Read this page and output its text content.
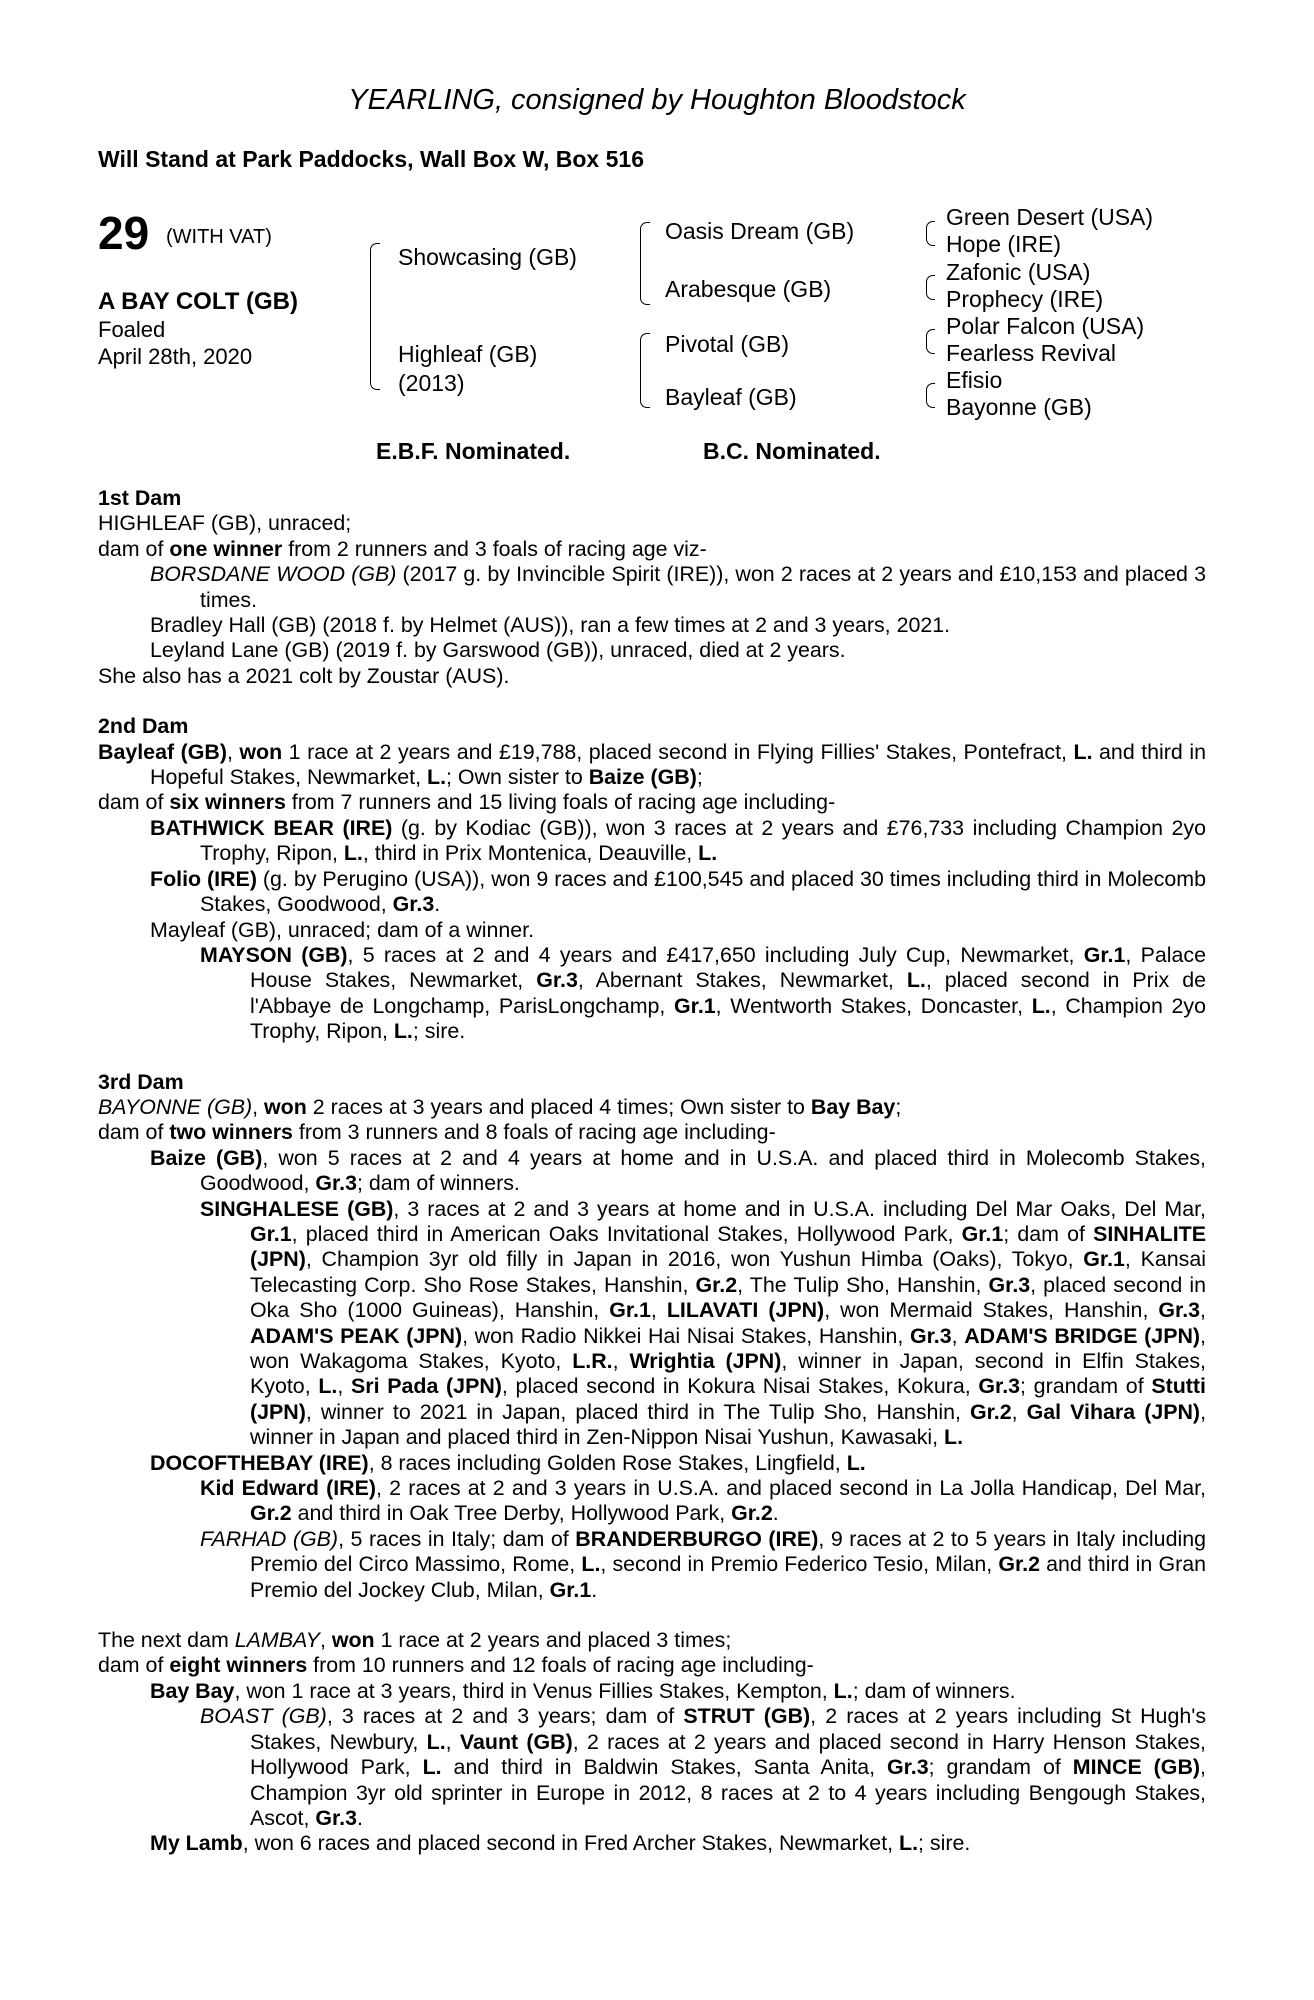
YEARLING, consigned by Houghton Bloodstock
Will Stand at Park Paddocks, Wall Box W, Box 516
29 (WITH VAT)
A BAY COLT (GB)
Foaled
April 28th, 2020
Showcasing (GB)
Highleaf (GB)
(2013)
Oasis Dream (GB)
Arabesque (GB)
Pivotal (GB)
Bayleaf (GB)
Green Desert (USA)
Hope (IRE)
Zafonic (USA)
Prophecy (IRE)
Polar Falcon (USA)
Fearless Revival
Efisio
Bayonne (GB)
E.B.F. Nominated.	B.C. Nominated.

1st Dam

HIGHLEAF (GB), unraced;

dam of one winner from 2 runners and 3 foals of racing age viz-

BORSDANE WOOD (GB) (2017 g. by Invincible Spirit (IRE)), won 2 races at 2 years and £10,153 and placed 3 times.

Bradley Hall (GB) (2018 f. by Helmet (AUS)), ran a few times at 2 and 3 years, 2021.

Leyland Lane (GB) (2019 f. by Garswood (GB)), unraced, died at 2 years.

She also has a 2021 colt by Zoustar (AUS).

2nd Dam

Bayleaf (GB), won 1 race at 2 years and £19,788, placed second in Flying Fillies' Stakes, Pontefract, L. and third in Hopeful Stakes, Newmarket, L.; Own sister to Baize (GB);

dam of six winners from 7 runners and 15 living foals of racing age including-

BATHWICK BEAR (IRE) (g. by Kodiac (GB)), won 3 races at 2 years and £76,733 including Champion 2yo Trophy, Ripon, L., third in Prix Montenica, Deauville, L.

Folio (IRE) (g. by Perugino (USA)), won 9 races and £100,545 and placed 30 times including third in Molecomb Stakes, Goodwood, Gr.3.

Mayleaf (GB), unraced; dam of a winner.

MAYSON (GB), 5 races at 2 and 4 years and £417,650 including July Cup, Newmarket, Gr.1, Palace House Stakes, Newmarket, Gr.3, Abernant Stakes, Newmarket, L., placed second in Prix de l'Abbaye de Longchamp, ParisLongchamp, Gr.1, Wentworth Stakes, Doncaster, L., Champion 2yo Trophy, Ripon, L.; sire.

3rd Dam

BAYONNE (GB), won 2 races at 3 years and placed 4 times; Own sister to Bay Bay;

dam of two winners from 3 runners and 8 foals of racing age including-

Baize (GB), won 5 races at 2 and 4 years at home and in U.S.A. and placed third in Molecomb Stakes, Goodwood, Gr.3; dam of winners.

SINGHALESE (GB), 3 races at 2 and 3 years at home and in U.S.A. including Del Mar Oaks, Del Mar, Gr.1, placed third in American Oaks Invitational Stakes, Hollywood Park, Gr.1; dam of SINHALITE (JPN), Champion 3yr old filly in Japan in 2016, won Yushun Himba (Oaks), Tokyo, Gr.1, Kansai Telecasting Corp. Sho Rose Stakes, Hanshin, Gr.2, The Tulip Sho, Hanshin, Gr.3, placed second in Oka Sho (1000 Guineas), Hanshin, Gr.1, LILAVATI (JPN), won Mermaid Stakes, Hanshin, Gr.3, ADAM'S PEAK (JPN), won Radio Nikkei Hai Nisai Stakes, Hanshin, Gr.3, ADAM'S BRIDGE (JPN), won Wakagoma Stakes, Kyoto, L.R., Wrightia (JPN), winner in Japan, second in Elfin Stakes, Kyoto, L., Sri Pada (JPN), placed second in Kokura Nisai Stakes, Kokura, Gr.3; grandam of Stutti (JPN), winner to 2021 in Japan, placed third in The Tulip Sho, Hanshin, Gr.2, Gal Vihara (JPN), winner in Japan and placed third in Zen-Nippon Nisai Yushun, Kawasaki, L.

DOCOFTHEBAY (IRE), 8 races including Golden Rose Stakes, Lingfield, L.

Kid Edward (IRE), 2 races at 2 and 3 years in U.S.A. and placed second in La Jolla Handicap, Del Mar, Gr.2 and third in Oak Tree Derby, Hollywood Park, Gr.2.

FARHAD (GB), 5 races in Italy; dam of BRANDERBURGO (IRE), 9 races at 2 to 5 years in Italy including Premio del Circo Massimo, Rome, L., second in Premio Federico Tesio, Milan, Gr.2 and third in Gran Premio del Jockey Club, Milan, Gr.1.

The next dam LAMBAY, won 1 race at 2 years and placed 3 times;

dam of eight winners from 10 runners and 12 foals of racing age including-

Bay Bay, won 1 race at 3 years, third in Venus Fillies Stakes, Kempton, L.; dam of winners.

BOAST (GB), 3 races at 2 and 3 years; dam of STRUT (GB), 2 races at 2 years including St Hugh's Stakes, Newbury, L., Vaunt (GB), 2 races at 2 years and placed second in Harry Henson Stakes, Hollywood Park, L. and third in Baldwin Stakes, Santa Anita, Gr.3; grandam of MINCE (GB), Champion 3yr old sprinter in Europe in 2012, 8 races at 2 to 4 years including Bengough Stakes, Ascot, Gr.3.

My Lamb, won 6 races and placed second in Fred Archer Stakes, Newmarket, L.; sire.
